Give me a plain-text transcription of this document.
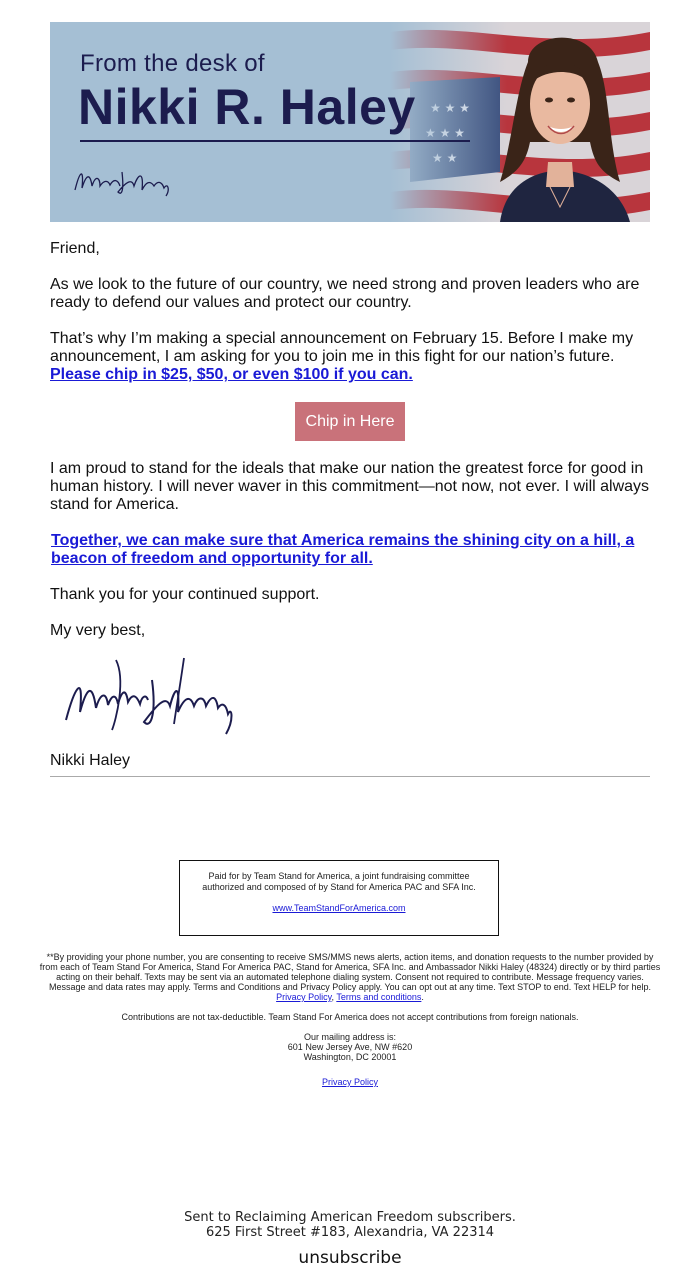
From the desk of
Nikki R. Haley
Friend,
As we look to the future of our country, we need strong and proven leaders who are ready to defend our values and protect our country.
That’s why I’m making a special announcement on February 15. Before I make my announcement, I am asking for you to join me in this fight for our nation’s future.
Please chip in $25, $50, or even $100 if you can.
Chip in Here
I am proud to stand for the ideals that make our nation the greatest force for good in human history. I will never waver in this commitment—not now, not ever. I will always stand for America.
Together, we can make sure that America remains the shining city on a hill, a beacon of freedom and opportunity for all.
Thank you for your continued support.
My very best,
Nikki Haley
Paid for by Team Stand for America, a joint fundraising committee authorized and composed of by Stand for America PAC and SFA Inc.
www.TeamStandForAmerica.com
**By providing your phone number, you are consenting to receive SMS/MMS news alerts, action items, and donation requests to the number provided by from each of Team Stand For America, Stand For America PAC, Stand for America, SFA Inc. and Ambassador Nikki Haley (48324) directly or by third parties acting on their behalf. Texts may be sent via an automated telephone dialing system. Consent not required to contribute. Message frequency varies. Message and data rates may apply. Terms and Conditions and Privacy Policy apply. You can opt out at any time. Text STOP to end. Text HELP for help. Privacy Policy, Terms and conditions.
Contributions are not tax-deductible. Team Stand For America does not accept contributions from foreign nationals.
Our mailing address is:
601 New Jersey Ave, NW #620
Washington, DC 20001
Privacy Policy
Sent to Reclaiming American Freedom subscribers.
625 First Street #183, Alexandria, VA 22314
unsubscribe
